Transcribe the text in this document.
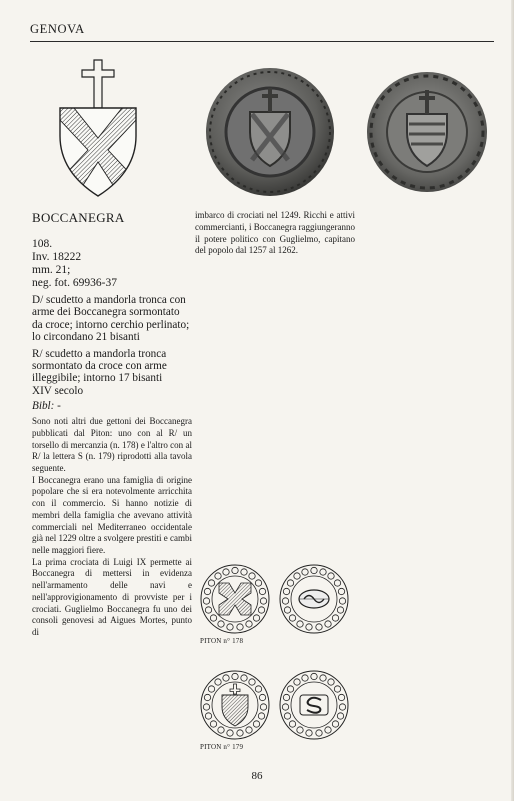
GENOVA
BOCCANEGRA
108.
Inv. 18222
mm. 21;
neg. fot. 69936-37
D/ scudetto a mandorla tronca con arme dei Boccanegra sormontato da croce; intorno cerchio perlinato; lo circondano 21 bisanti
R/ scudetto a mandorla tronca sormontato da croce con arme illeggibile; intorno 17 bisanti
XIV secolo
Bibl: -

Sono noti altri due gettoni dei Boccanegra pubblicati dal Piton: uno con al R/ un torsello di mercanzia (n. 178) e l'altro con al R/ la lettera S (n. 179) riprodotti alla tavola seguente.

I Boccanegra erano una famiglia di origine popolare che si era notevolmente arricchita con il commercio. Si hanno notizie di membri della famiglia che avevano attività commerciali nel Mediterraneo occidentale già nel 1229 oltre a svolgere prestiti e cambi nelle maggiori fiere.

La prima crociata di Luigi IX permette ai Boccanegra di mettersi in evidenza nell'armamento delle navi e nell'approvigionamento di provviste per i crociati. Guglielmo Boccanegra fu uno dei consoli genovesi ad Aigues Mortes, punto di

imbarco di crociati nel 1249. Ricchi e attivi commercianti, i Boccanegra raggiungeranno il potere politico con Guglielmo, capitano del popolo dal 1257 al 1262.
PITON n° 178
PITON n° 179
86
